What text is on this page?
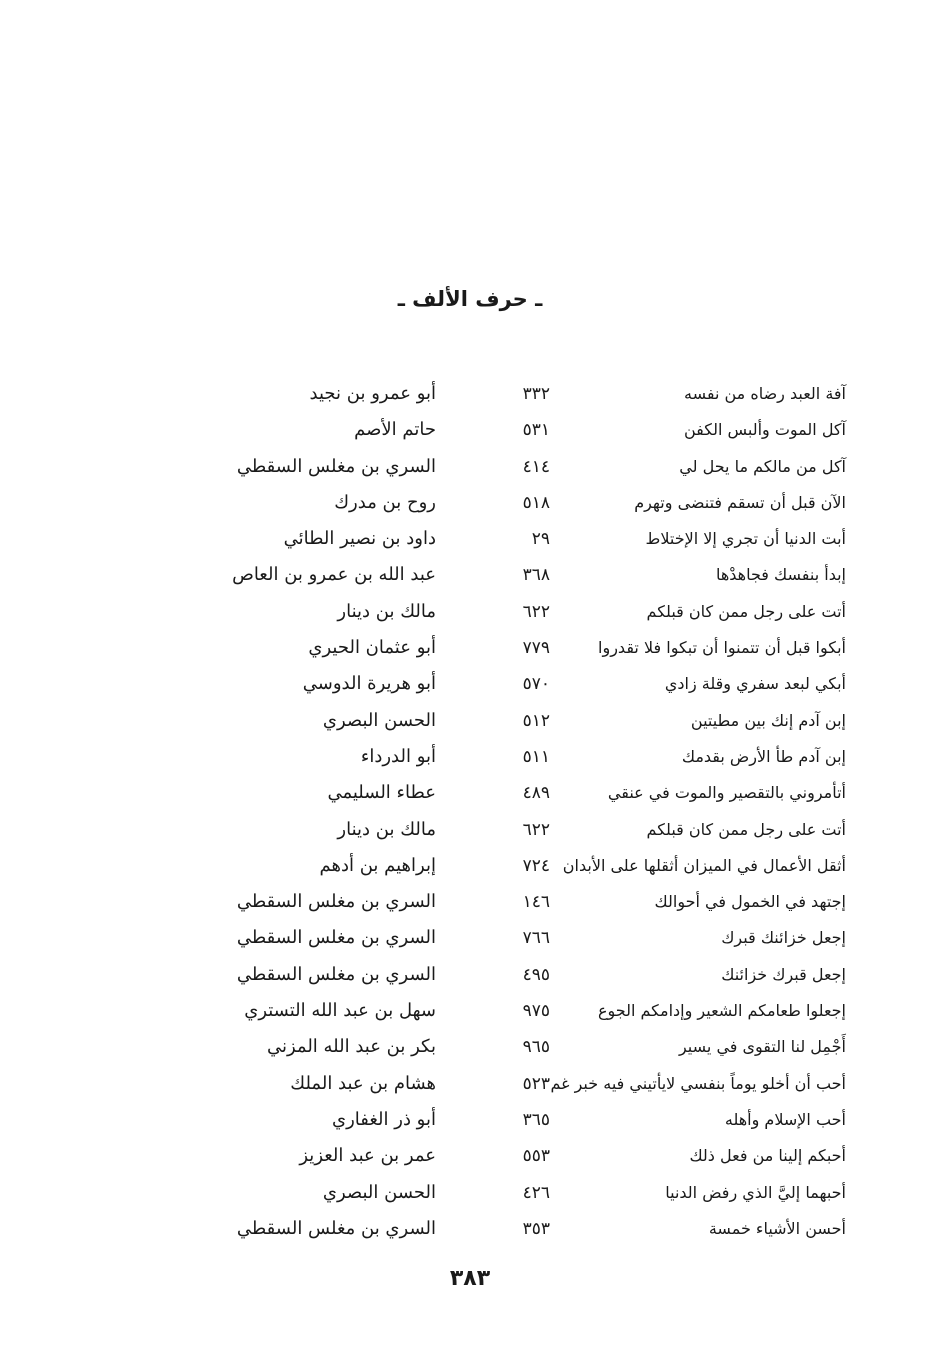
ـ حرف الألف ـ
آفة العبد رضاه من نفسه
٣٣٢
أبو عمرو بن نجيد
آكل الموت وألبس الكفن
٥٣١
حاتم الأصم
آكل من مالكم ما يحل لي
٤١٤
السري بن مغلس السقطي
الآن قبل أن تسقم فتنضى وتهرم
٥١٨
روح بن مدرك
أبت الدنيا أن تجري إلا الإختلاط
٢٩
داود بن نصير الطائي
إبدأ بنفسك فجاهدْها
٣٦٨
عبد الله بن عمرو بن العاص
أتت على رجل ممن كان قبلكم
٦٢٢
مالك بن دينار
أبكوا قبل أن تتمنوا أن تبكوا فلا تقدروا
٧٧٩
أبو عثمان الحيري
أبكي لبعد سفري وقلة زادي
٥٧٠
أبو هريرة الدوسي
إبن آدم إنك بين مطيتين
٥١٢
الحسن البصري
إبن آدم طأ الأرض بقدمك
٥١١
أبو الدرداء
أتأمروني بالتقصير والموت في عنقي
٤٨٩
عطاء السليمي
أتت على رجل ممن كان قبلكم
٦٢٢
مالك بن دينار
أثقل الأعمال في الميزان أثقلها على الأبدان
٧٢٤
إبراهيم بن أدهم
إجتهد في الخمول في أحوالك
١٤٦
السري بن مغلس السقطي
إجعل خزائنك قبرك
٧٦٦
السري بن مغلس السقطي
إجعل قبرك خزائنك
٤٩٥
السري بن مغلس السقطي
إجعلوا طعامكم الشعير وإدامكم الجوع
٩٧٥
سهل بن عبد الله التستري
أَجْمِل لنا التقوى في يسير
٩٦٥
بكر بن عبد الله المزني
أحب أن أخلو يوماً بنفسي لايأتيني فيه خبر غم
٥٢٣
هشام بن عبد الملك
أحب الإسلام وأهله
٣٦٥
أبو ذر الغفاري
أحبكم إلينا من فعل ذلك
٥٥٣
عمر بن عبد العزيز
أحبهما إليَّ الذي رفض الدنيا
٤٢٦
الحسن البصري
أحسن الأشياء خمسة
٣٥٣
السري بن مغلس السقطي
٣٨٣
